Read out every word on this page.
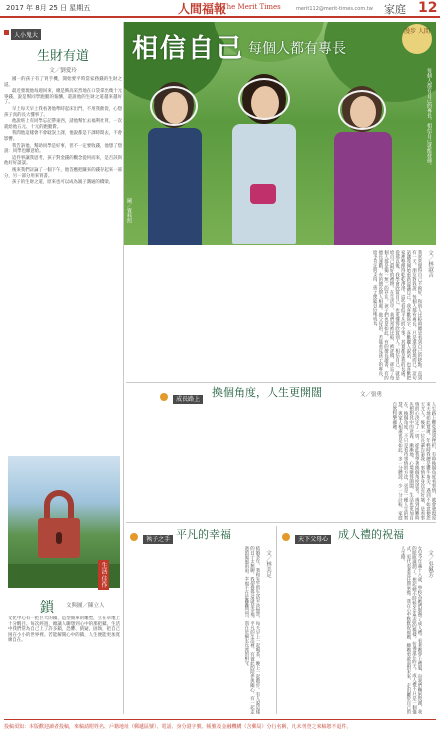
2017 年 8月 25 日 星期五	人間福報
The Merit Times	merit112@merit-times.com.tw 家庭 12
人小鬼大
生財有道
文／劉愛玲

國一的孩子有了買手機，開始要平時當家務錢的生財之道。

最近發現他每週回來，總是興高采烈地在口袋拿出幾十元零錢，說是幫同學跑腿的報酬，還說他的生財之道越來越好了。

早上每天早上我看著他準時起床出門，不用我催促，心想孩子真的長大懂事了。

他說班上有同學忘記帶東西，請他幫忙去福利社買，一次就給他五元、十元的跑腿費。

我問他這樣會不會耽誤上課，他說都是下課時間去，不會影響。

我告訴他，幫助同學是好事，但不一定要收錢，他想了想說：同學也願意給。

這件事讓我思考，孩子對金錢的觀念從何而來，是否該與他好好談談。

後來我們討論了一個下午，他答應把賺來的錢存起來一部分，另一部分用來買書。

孩子的生財之道，原來也可以成為親子溝通的橋梁。

相信自己 每個人都有專長
漫步 人間
每個人都有自己的專長，相信自己就能發揮。
圖／資料照
文／林淑音
我常常覺得自己不夠好，和別人比較時總是看到自己的缺點。直到有一天，朋友對我說：每個人都有專長，只是還沒發現而已。這句話讓我開始重新認識自己。我喜歡寫字、喜歡聽人說話，也喜歡把家裡整理得乾乾淨淨。這些看似平凡的小事，其實都是我的長處。從那以後，我學會欣賞自己，也更懂得欣賞別人。相信自己，就是給自己最好的禮物。在生活中，我們常被比較、被評價，卻忘了每個人都是獨一無二的存在。孩子們也是如此，有的擅長讀書，有的擅長運動，有的擅長與人相處。做父母的，若能看見孩子的專長，給予肯定與支持，孩子便能自信地成長。
成長路上
換個角度，人生更開闊	文／張勇
人生路上難免遇到挫折，有時換個角度看事情，就會發現原來天地如此寬廣。年輕時我總是鑽牛角尖，遇到不如意便怨天尤人。後來一位長輩告訴我：事情本身沒有好壞，是看事情的心決定了一切。從此我學著換個角度思考，遇到困難時先想想其中的意義，漸漸地，心境變得開闊，生活也更加自在。換個角度，不只是看待事情的方法，更是一種人生的智慧。與家人相處也是如此，多一分體諒，少一分計較，家庭自然和樂融融。
執子之手 平凡的幸福
文／林美足
結婚多年，我和先生的生活平淡無奇，每天早上一起喝茶，晚上一起散步。有人說這樣的日子太無聊，我卻覺得這就是幸福。平凡的生活裡，有彼此的陪伴與關心，有一起走過的風風雨雨。幸福不在於轟轟烈烈，而在於細水長流的相守。
天下父母心 成人禮的祝福
文／吳佩芳
女兒今年滿十八歲，學校為她們舉辦了成人禮。看著她穿上禮服，向我們鞠躬致謝，我的眼眶濕潤了。想起她小時候牙牙學語的模樣，彷彿還在昨天。成人禮不只是一個儀式，更代表著責任與承擔。我在心中默默祝福她，願她勇敢面對未來，走出屬於自己的人生路。
生活 佳作
鎖 文與圖／陳立人
文化中心有一把巨大的鎖，造型簡單的雕塑，立在草地上十分醒目。每次經過，總讓人聯想到心中的那把鎖。生活中我們常為自己上了許多鎖，恐懼、猜疑、固執，把自己困在小小的世界裡。若能解開心中的鎖，人生便能更加寬廣自在。
投稿須知：本版歡迎讀者投稿，來稿請附姓名、戶籍地址（郵遞區號）、電話、身分證字號、帳號及金融機構（含郵局）分行名稱，凡未刊登之來稿恕不退件。
